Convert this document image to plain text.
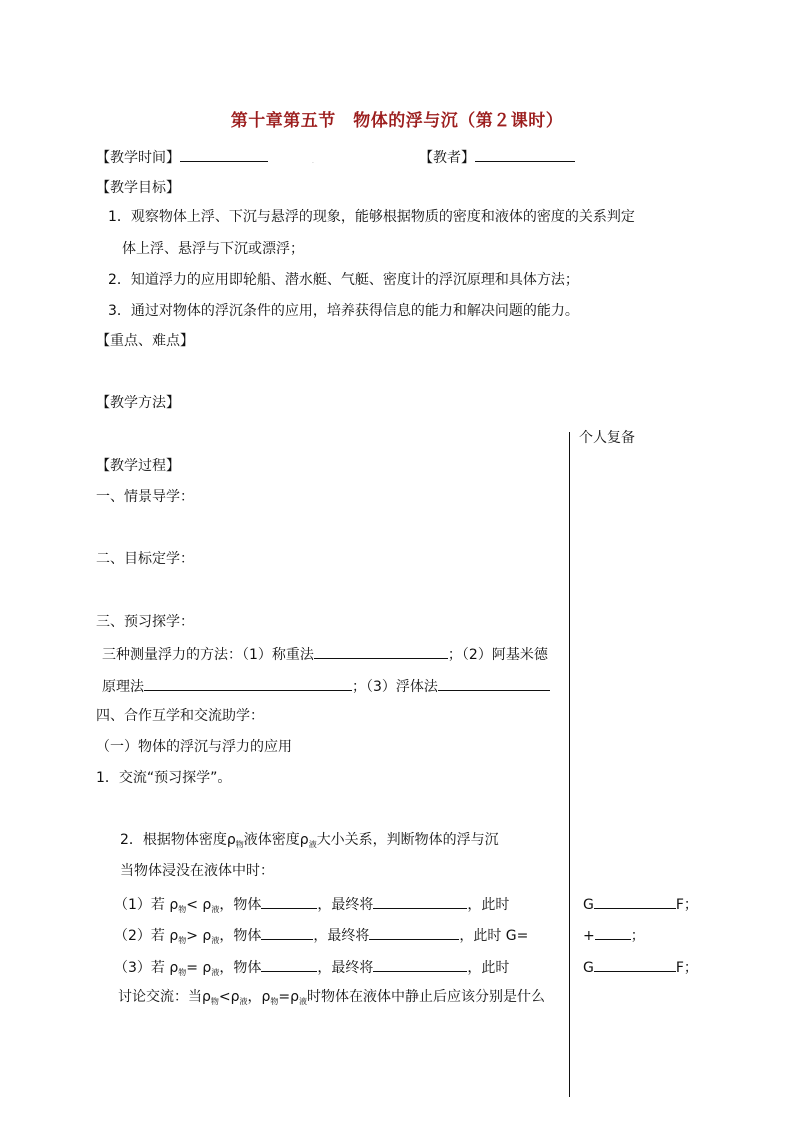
第十章第五节　物体的浮与沉（第２课时）
【教学时间】	·	【教者】
【教学目标】
1．观察物体上浮、下沉与悬浮的现象，能够根据物质的密度和液体的密度的关系判定
体上浮、悬浮与下沉或漂浮；
2．知道浮力的应用即轮船、潜水艇、气艇、密度计的浮沉原理和具体方法；
3．通过对物体的浮沉条件的应用，培养获得信息的能力和解决问题的能力。
【重点、难点】
【教学方法】
个人复备
【教学过程】
一、情景导学：
二、目标定学：
三、预习探学：
三种测量浮力的方法：（1）称重法	；（2）阿基米德
原理法	；（3）浮体法
四、合作互学和交流助学：
（一）物体的浮沉与浮力的应用
1．交流“预习探学”。
2．根据物体密度$\rho_物$液体密度$\rho_液$大小关系，判断物体的浮与沉
当物体浸没在液体中时：
（1）若 $\rho_物< \rho_液$，物体	，最终将	，此时	G	F；
（2）若 $\rho_物> \rho_液$，物体	，最终将	，此时 G=	+	；
（3）若 $\rho_物= \rho_液$，物体	，最终将	，此时	G	F；
讨论交流：当$\rho_物<\rho_液$，$\rho_物=\rho_液$时物体在液体中静止后应该分别是什么
